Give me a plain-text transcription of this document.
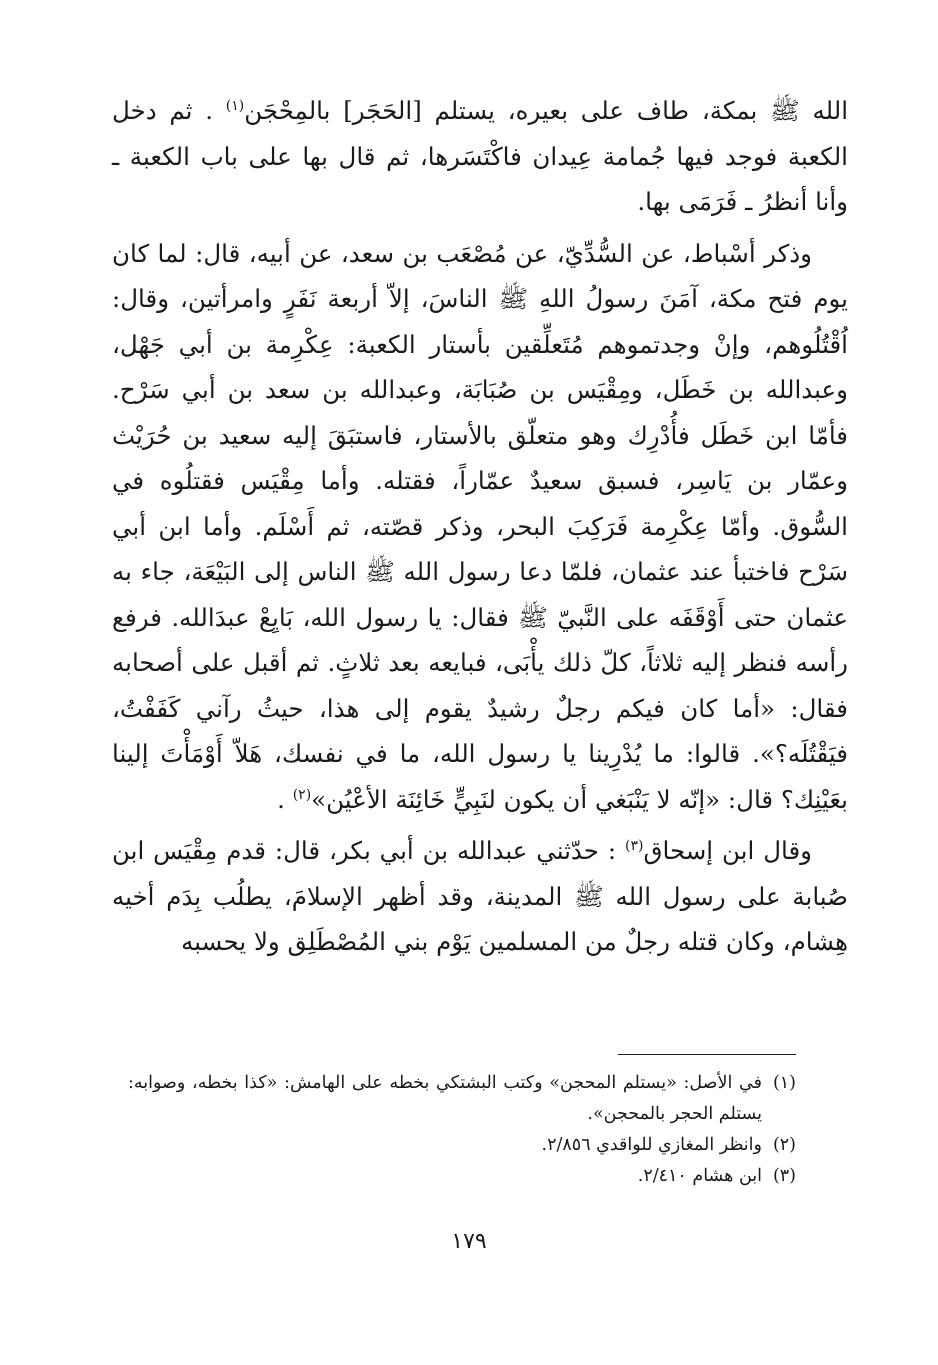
الله ﷺ بمكة، طاف على بعيره، يستلم [الحَجَر] بالمِحْجَن$^{(١)}$ . ثم دخل الكعبة فوجد فيها جُمامة عِيدان فاكْتَسَرها، ثم قال بها على باب الكعبة ـ وأنا أنظرُ ـ فَرَمَى بها.

وذكر أسْباط، عن السُّدِّيّ، عن مُصْعَب بن سعد، عن أبيه، قال: لما كان يوم فتح مكة، آمَنَ رسولُ اللهِ ﷺ الناسَ، إلاّ أربعة نَفَرٍ وامرأتين، وقال: اُقْتُلُوهم، وإنْ وجدتموهم مُتَعلِّقين بأستار الكعبة: عِكْرِمة بن أبي جَهْل، وعبدالله بن خَطَل، ومِقْيَس بن صُبَابَة، وعبدالله بن سعد بن أبي سَرْح. فأمّا ابن خَطَل فأُدْرِك وهو متعلّق بالأستار، فاستبَقَ إليه سعيد بن حُرَيْث وعمّار بن يَاسِر، فسبق سعيدٌ عمّاراً، فقتله. وأما مِقْيَس فقتلُوه في السُّوق. وأمّا عِكْرِمة فَرَكِبَ البحر، وذكر قصّته، ثم أَسْلَم. وأما ابن أبي سَرْح فاختبأ عند عثمان، فلمّا دعا رسول الله ﷺ الناس إلى البَيْعَة، جاء به عثمان حتى أَوْقَفَه على النَّبيّ ﷺ فقال: يا رسول الله، بَايِعْ عبدَالله. فرفع رأسه فنظر إليه ثلاثاً، كلّ ذلك يأْبَى، فبايعه بعد ثلاثٍ. ثم أقبل على أصحابه فقال: «أما كان فيكم رجلٌ رشيدٌ يقوم إلى هذا، حيثُ رآني كَفَفْتُ، فيَقْتُلَه؟». قالوا: ما يُدْرِينا يا رسول الله، ما في نفسك، هَلاّ أَوْمَأْتَ إلينا بعَيْنِك؟ قال: «إنّه لا يَنْبَغي أن يكون لنَبِيٍّ خَائِنَة الأعْيُن»$^{(٢)}$ .

وقال ابن إسحاق$^{(٣)}$ : حدّثني عبدالله بن أبي بكر، قال: قدم مِقْيَس ابن صُبابة على رسول الله ﷺ المدينة، وقد أظهر الإسلامَ، يطلُب بِدَم أخيه هِشام، وكان قتله رجلٌ من المسلمين يَوْم بني المُصْطَلِق ولا يحسبه

(١)
في الأصل: «يستلم المحجن» وكتب البشتكي بخطه على الهامش: «كذا بخطه، وصوابه: يستلم الحجر بالمحجن».
(٢)
وانظر المغازي للواقدي ٢/٨٥٦.
(٣)
ابن هشام ٢/٤١٠.
١٧٩
